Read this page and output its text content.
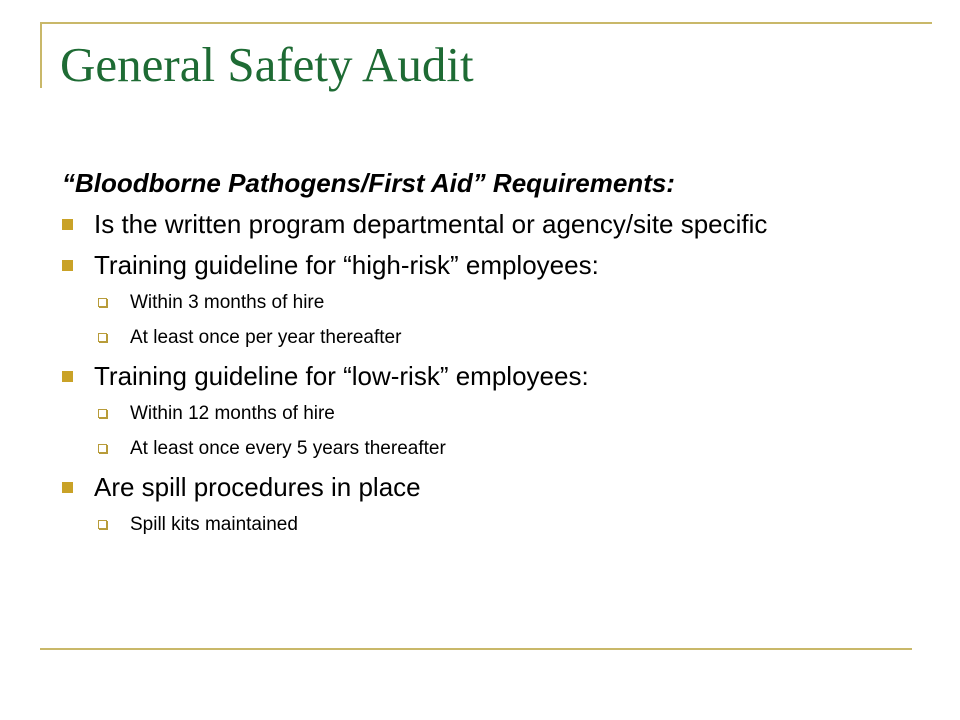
General Safety Audit
“Bloodborne Pathogens/First Aid” Requirements:
Is the written program departmental or agency/site specific
Training guideline for “high-risk” employees:
Within 3 months of hire
At least once per year thereafter
Training guideline for “low-risk” employees:
Within 12 months of hire
At least once every 5 years thereafter
Are spill procedures in place
Spill kits maintained
